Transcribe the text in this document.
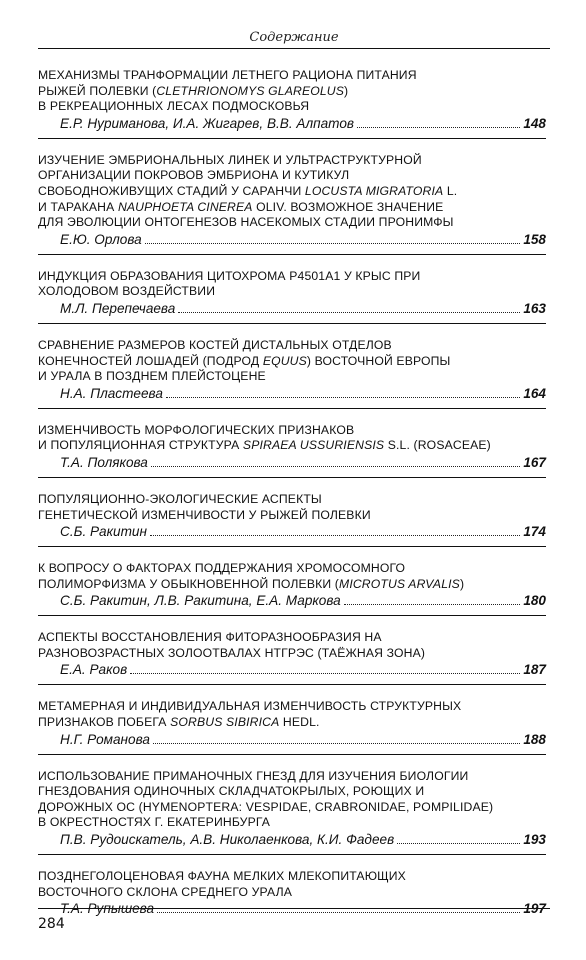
Содержание
МЕХАНИЗМЫ ТРАНФОРМАЦИИ ЛЕТНЕГО РАЦИОНА ПИТАНИЯ
РЫЖЕЙ ПОЛЕВКИ (CLETHRIONOMYS GLAREOLUS)
В РЕКРЕАЦИОННЫХ ЛЕСАХ ПОДМОСКОВЬЯ
Е.Р. Нуриманова, И.А. Жигарев, В.В. Алпатов	148
ИЗУЧЕНИЕ ЭМБРИОНАЛЬНЫХ ЛИНЕК И УЛЬТРАСТРУКТУРНОЙ
ОРГАНИЗАЦИИ ПОКРОВОВ ЭМБРИОНА И КУТИКУЛ
СВОБОДНОЖИВУЩИХ СТАДИЙ У САРАНЧИ LOCUSTA MIGRATORIA L.
И ТАРАКАНА NAUPHOETA CINEREA OLIV. ВОЗМОЖНОЕ ЗНАЧЕНИЕ
ДЛЯ ЭВОЛЮЦИИ ОНТОГЕНЕЗОВ НАСЕКОМЫХ СТАДИИ ПРОНИМФЫ
Е.Ю. Орлова	158
ИНДУКЦИЯ ОБРАЗОВАНИЯ ЦИТОХРОМА Р4501А1 У КРЫС ПРИ
ХОЛОДОВОМ ВОЗДЕЙСТВИИ
М.Л. Перепечаева	163
СРАВНЕНИЕ РАЗМЕРОВ КОСТЕЙ ДИСТАЛЬНЫХ ОТДЕЛОВ
КОНЕЧНОСТЕЙ ЛОШАДЕЙ (ПОДРОД EQUUS) ВОСТОЧНОЙ ЕВРОПЫ
И УРАЛА В ПОЗДНЕМ ПЛЕЙСТОЦЕНЕ
Н.А. Пластеева	164
ИЗМЕНЧИВОСТЬ МОРФОЛОГИЧЕСКИХ ПРИЗНАКОВ
И ПОПУЛЯЦИОННАЯ СТРУКТУРА SPIRAEA USSURIENSIS S.L. (ROSACEAE)
Т.А. Полякова	167
ПОПУЛЯЦИОННО-ЭКОЛОГИЧЕСКИЕ АСПЕКТЫ
ГЕНЕТИЧЕСКОЙ ИЗМЕНЧИВОСТИ У РЫЖЕЙ ПОЛЕВКИ
С.Б. Ракитин	174
К ВОПРОСУ О ФАКТОРАХ ПОДДЕРЖАНИЯ ХРОМОСОМНОГО
ПОЛИМОРФИЗМА У ОБЫКНОВЕННОЙ ПОЛЕВКИ (MICROTUS ARVALIS)
С.Б. Ракитин, Л.В. Ракитина, Е.А. Маркова	180
АСПЕКТЫ ВОССТАНОВЛЕНИЯ ФИТОРАЗНООБРАЗИЯ НА
РАЗНОВОЗРАСТНЫХ ЗОЛООТВАЛАХ НТГРЭС (ТАЁЖНАЯ ЗОНА)
Е.А. Раков	187
МЕТАМЕРНАЯ И ИНДИВИДУАЛЬНАЯ ИЗМЕНЧИВОСТЬ СТРУКТУРНЫХ
ПРИЗНАКОВ ПОБЕГА SORBUS SIBIRICA HEDL.
Н.Г. Романова	188
ИСПОЛЬЗОВАНИЕ ПРИМАНОЧНЫХ ГНЕЗД ДЛЯ ИЗУЧЕНИЯ БИОЛОГИИ
ГНЕЗДОВАНИЯ ОДИНОЧНЫХ СКЛАДЧАТОКРЫЛЫХ, РОЮЩИХ И
ДОРОЖНЫХ ОС (HYMENOPTERA: VESPIDAE, CRABRONIDAE, POMPILIDAE)
В ОКРЕСТНОСТЯХ Г. ЕКАТЕРИНБУРГА
П.В. Рудоискатель, А.В. Николаенкова, К.И. Фадеев	193
ПОЗДНЕГОЛОЦЕНОВАЯ ФАУНА МЕЛКИХ МЛЕКОПИТАЮЩИХ
ВОСТОЧНОГО СКЛОНА СРЕДНЕГО УРАЛА
Т.А. Рупышева	197
284
